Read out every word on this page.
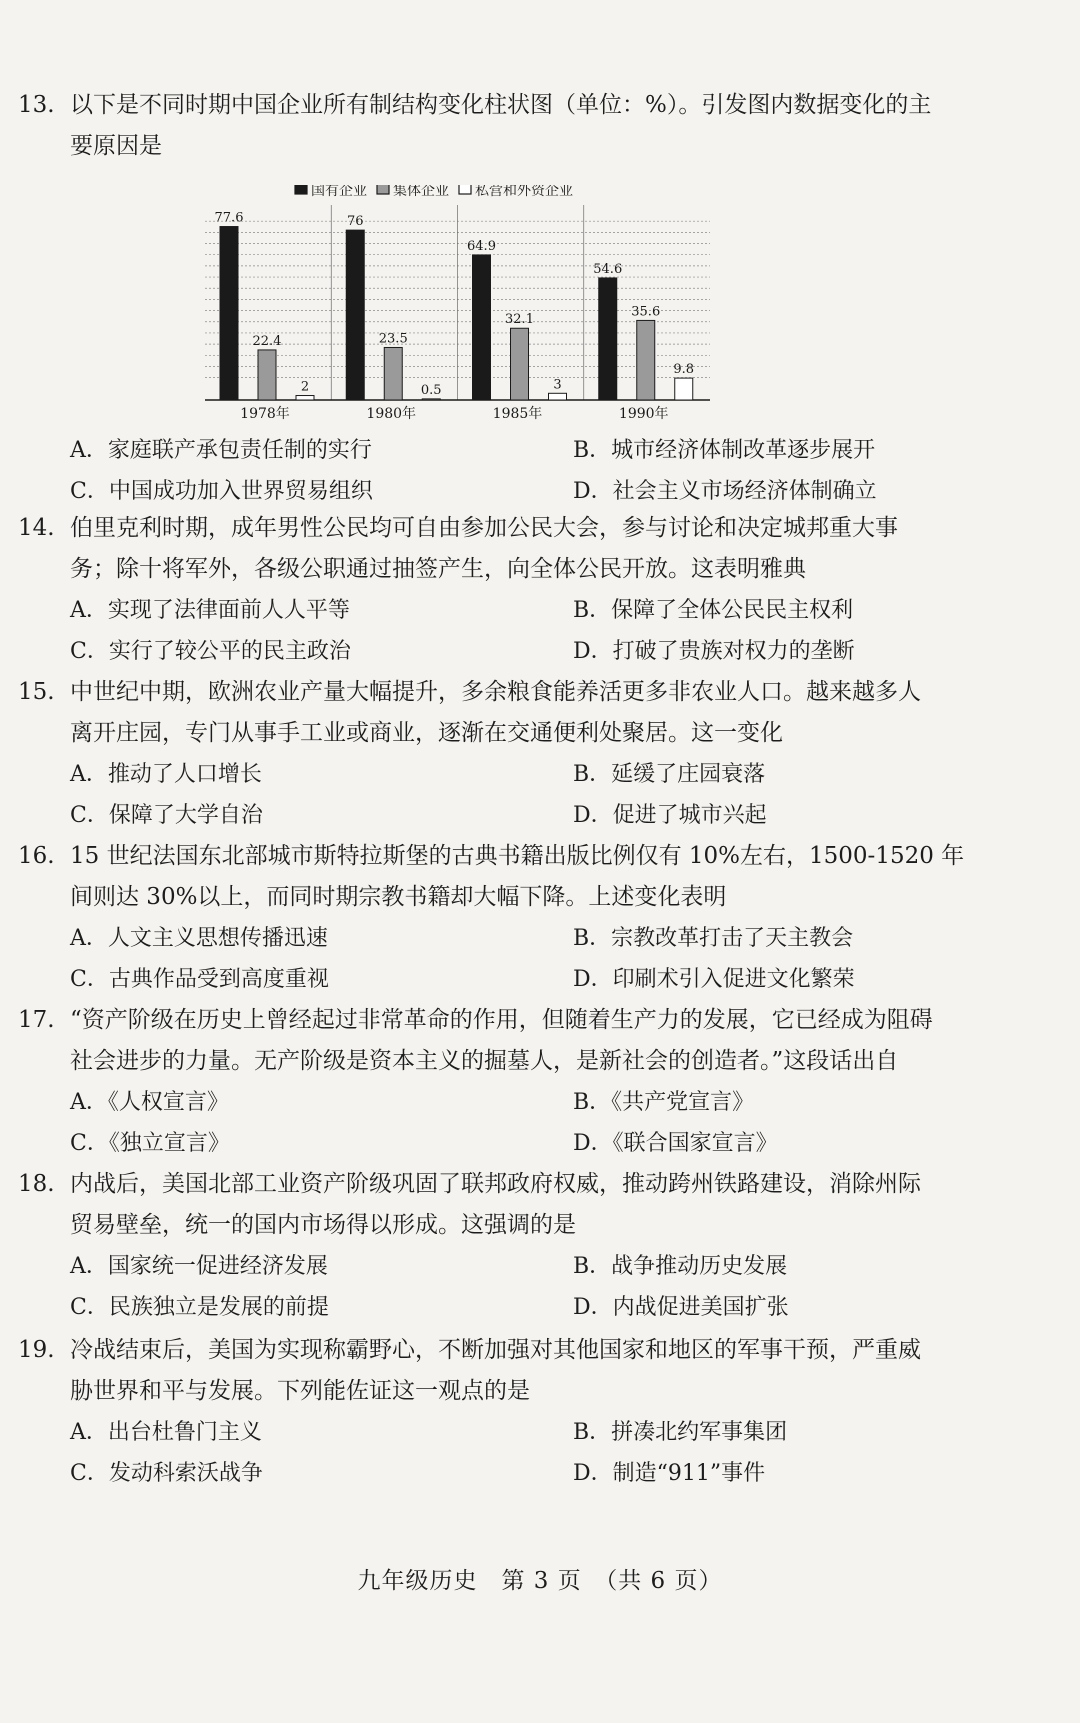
13. 以下是不同时期中国企业所有制结构变化柱状图（单位：%）。引发图内数据变化的主

要原因是

国有企业 集体企业 私营和外资企业
77.6
22.4
2
1978年
76
23.5
0.5
1980年
64.9
32.1
3
1985年
54.6
35.6
9.8
1990年
A．家庭联产承包责任制的实行	B．城市经济体制改革逐步展开
C．中国成功加入世界贸易组织	D．社会主义市场经济体制确立

14. 伯里克利时期，成年男性公民均可自由参加公民大会，参与讨论和决定城邦重大事

务；除十将军外，各级公职通过抽签产生，向全体公民开放。这表明雅典

A．实现了法律面前人人平等	B．保障了全体公民民主权利
C．实行了较公平的民主政治	D．打破了贵族对权力的垄断

15. 中世纪中期，欧洲农业产量大幅提升，多余粮食能养活更多非农业人口。越来越多人

离开庄园，专门从事手工业或商业，逐渐在交通便利处聚居。这一变化

A．推动了人口增长	B．延缓了庄园衰落
C．保障了大学自治	D．促进了城市兴起

16. 15 世纪法国东北部城市斯特拉斯堡的古典书籍出版比例仅有 10%左右，1500-1520 年

间则达 30%以上，而同时期宗教书籍却大幅下降。上述变化表明

A．人文主义思想传播迅速	B．宗教改革打击了天主教会
C．古典作品受到高度重视	D．印刷术引入促进文化繁荣

17. “资产阶级在历史上曾经起过非常革命的作用，但随着生产力的发展，它已经成为阻碍

社会进步的力量。无产阶级是资本主义的掘墓人，是新社会的创造者。”这段话出自

A．《人权宣言》	B．《共产党宣言》
C．《独立宣言》	D．《联合国家宣言》

18. 内战后，美国北部工业资产阶级巩固了联邦政府权威，推动跨州铁路建设，消除州际

贸易壁垒，统一的国内市场得以形成。这强调的是

A．国家统一促进经济发展	B．战争推动历史发展
C．民族独立是发展的前提	D．内战促进美国扩张

19. 冷战结束后，美国为实现称霸野心，不断加强对其他国家和地区的军事干预，严重威

胁世界和平与发展。下列能佐证这一观点的是

A．出台杜鲁门主义	B．拼凑北约军事集团
C．发动科索沃战争	D．制造“911”事件
九年级历史　第 3 页　（共 6 页）
